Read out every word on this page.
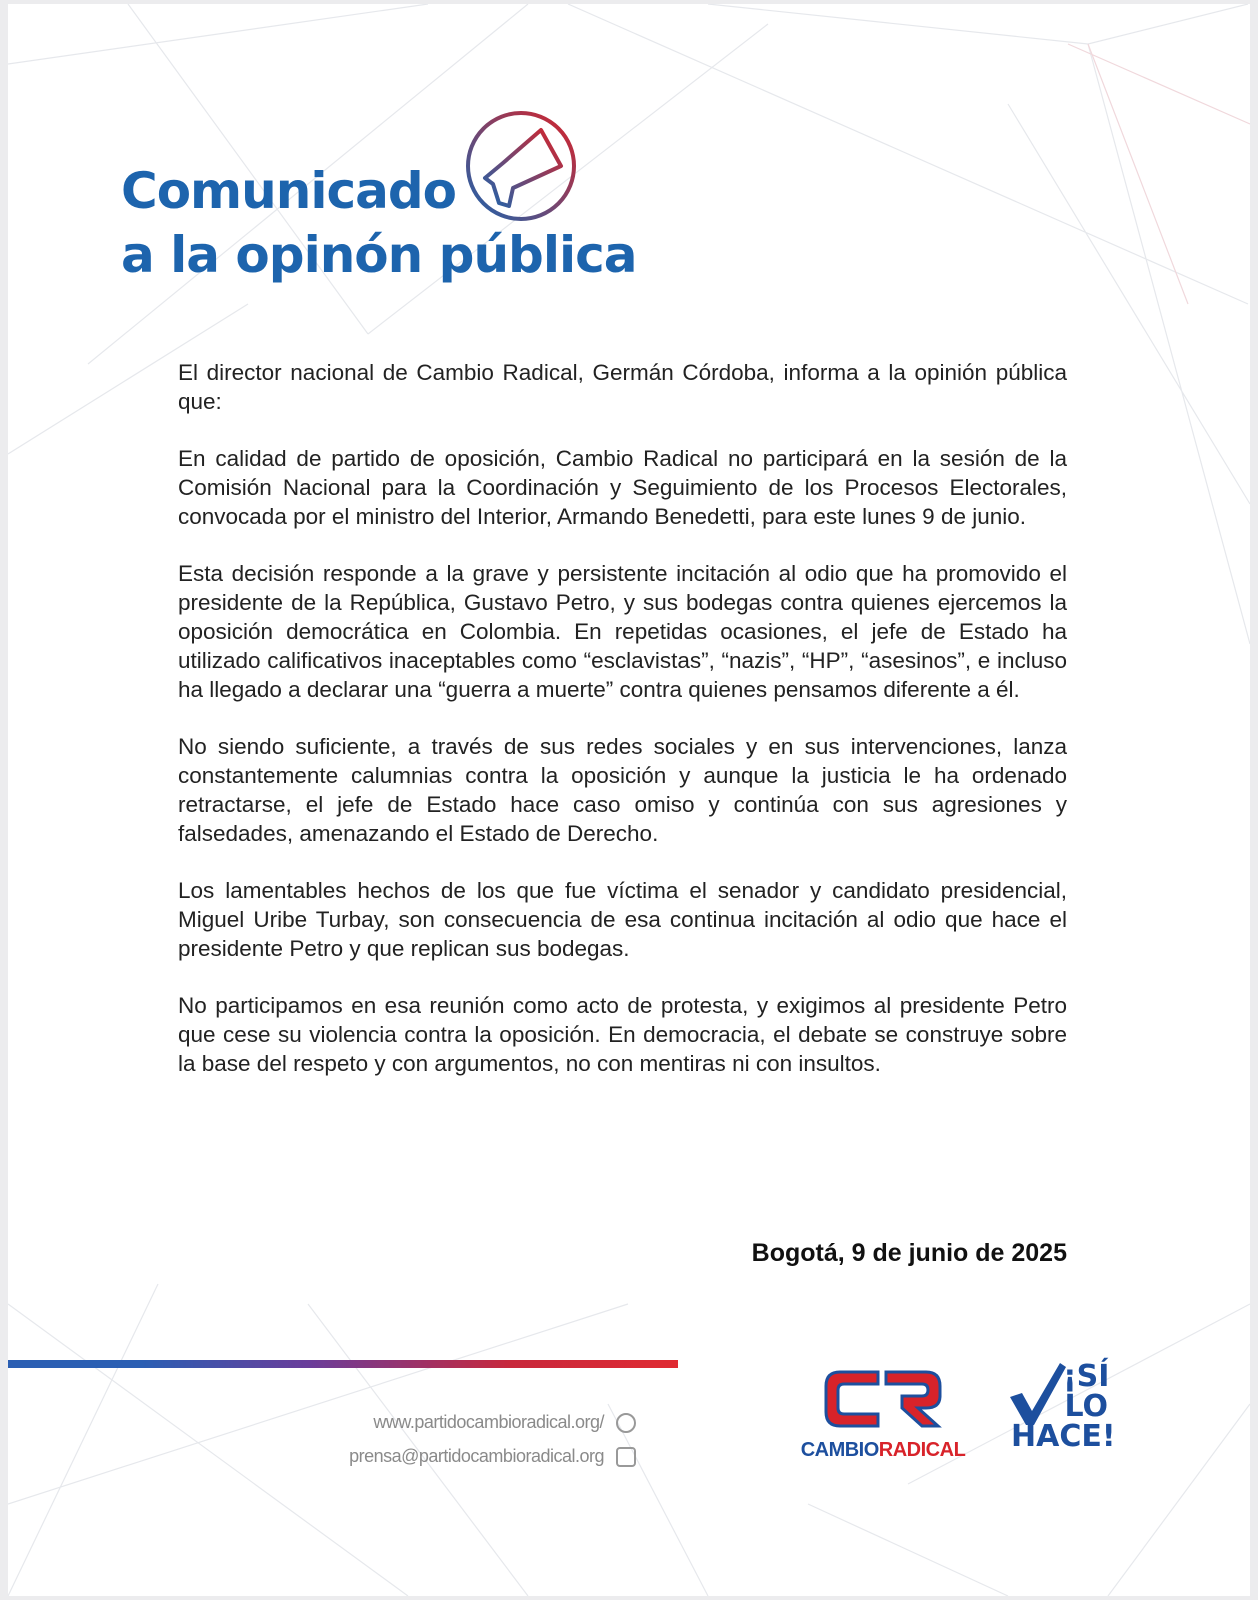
Comunicado
a la opinón pública

El director nacional de Cambio Radical, Germán Córdoba, informa a la opinión pública que:

En calidad de partido de oposición, Cambio Radical no participará en la sesión de la Comisión Nacional para la Coordinación y Seguimiento de los Procesos Electorales, convocada por el ministro del Interior, Armando Benedetti, para este lunes 9 de junio.

Esta decisión responde a la grave y persistente incitación al odio que ha promovido el presidente de la República, Gustavo Petro, y sus bodegas contra quienes ejercemos la oposición democrática en Colombia. En repetidas ocasiones, el jefe de Estado ha utilizado calificativos inaceptables como “esclavistas”, “nazis”, “HP”, “asesinos”, e incluso ha llegado a declarar una “guerra a muerte” contra quienes pensamos diferente a él.

No siendo suficiente, a través de sus redes sociales y en sus intervenciones, lanza constantemente calumnias contra la oposición y aunque la justicia le ha ordenado retractarse, el jefe de Estado hace caso omiso y continúa con sus agresiones y falsedades, amenazando el Estado de Derecho.

Los lamentables hechos de los que fue víctima el senador y candidato presidencial, Miguel Uribe Turbay, son consecuencia de esa continua incitación al odio que hace el presidente Petro y que replican sus bodegas.

No participamos en esa reunión como acto de protesta, y exigimos al presidente Petro que cese su violencia contra la oposición. En democracia, el debate se construye sobre la base del respeto y con argumentos, no con mentiras ni con insultos.

Bogotá, 9 de junio de 2025
www.partidocambioradical.org/
prensa@partidocambioradical.org	CAMBIORADICAL
¡SÍ
LO
HACE!
